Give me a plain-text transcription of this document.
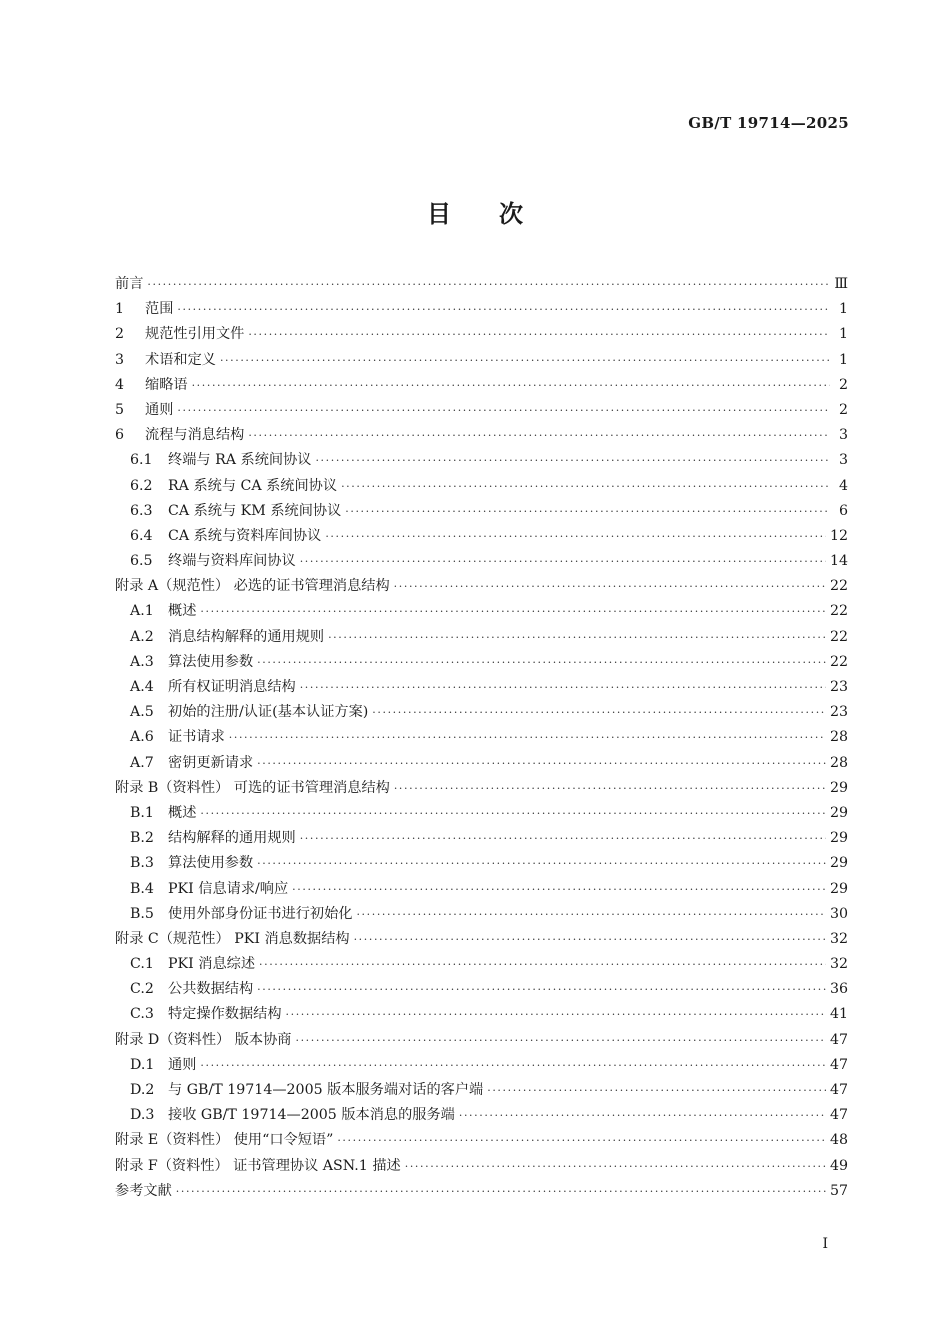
GB/T 19714—2025
目次
前言 ·····	Ⅲ
1	范围 ·····	1
2	规范性引用文件 ·····	1
3	术语和定义 ·····	1
4	缩略语 ·····	2
5	通则 ·····	2
6	流程与消息结构 ·····	3
6.1	终端与 RA 系统间协议 ·····	3
6.2	RA 系统与 CA 系统间协议 ·····	4
6.3	CA 系统与 KM 系统间协议 ·····	6
6.4	CA 系统与资料库间协议 ·····	12
6.5	终端与资料库间协议 ·····	14
附录 A（规范性） 必选的证书管理消息结构 ·····	22
A.1	概述 ·····	22
A.2	消息结构解释的通用规则 ·····	22
A.3	算法使用参数 ·····	22
A.4	所有权证明消息结构 ·····	23
A.5	初始的注册/认证(基本认证方案) ·····	23
A.6	证书请求 ·····	28
A.7	密钥更新请求 ·····	28
附录 B（资料性） 可选的证书管理消息结构 ·····	29
B.1 概述 ·····	29
B.2 结构解释的通用规则 ·····	29
B.3 算法使用参数 ·····	29
B.4 PKI 信息请求/响应 ·····	29
B.5 使用外部身份证书进行初始化 ·····	30
附录 C（规范性） PKI 消息数据结构 ·····	32
C.1 PKI 消息综述 ·····	32
C.2 公共数据结构 ·····	36
C.3 特定操作数据结构 ·····	41
附录 D（资料性） 版本协商 ·····	47
D.1 通则 ·····	47
D.2 与 GB/T 19714—2005 版本服务端对话的客户端 ·····	47
D.3 接收 GB/T 19714—2005 版本消息的服务端 ·····	47
附录 E（资料性） 使用“口令短语” ·····	48
附录 F（资料性） 证书管理协议 ASN.1 描述 ·····	49
参考文献 ·····	57
I
